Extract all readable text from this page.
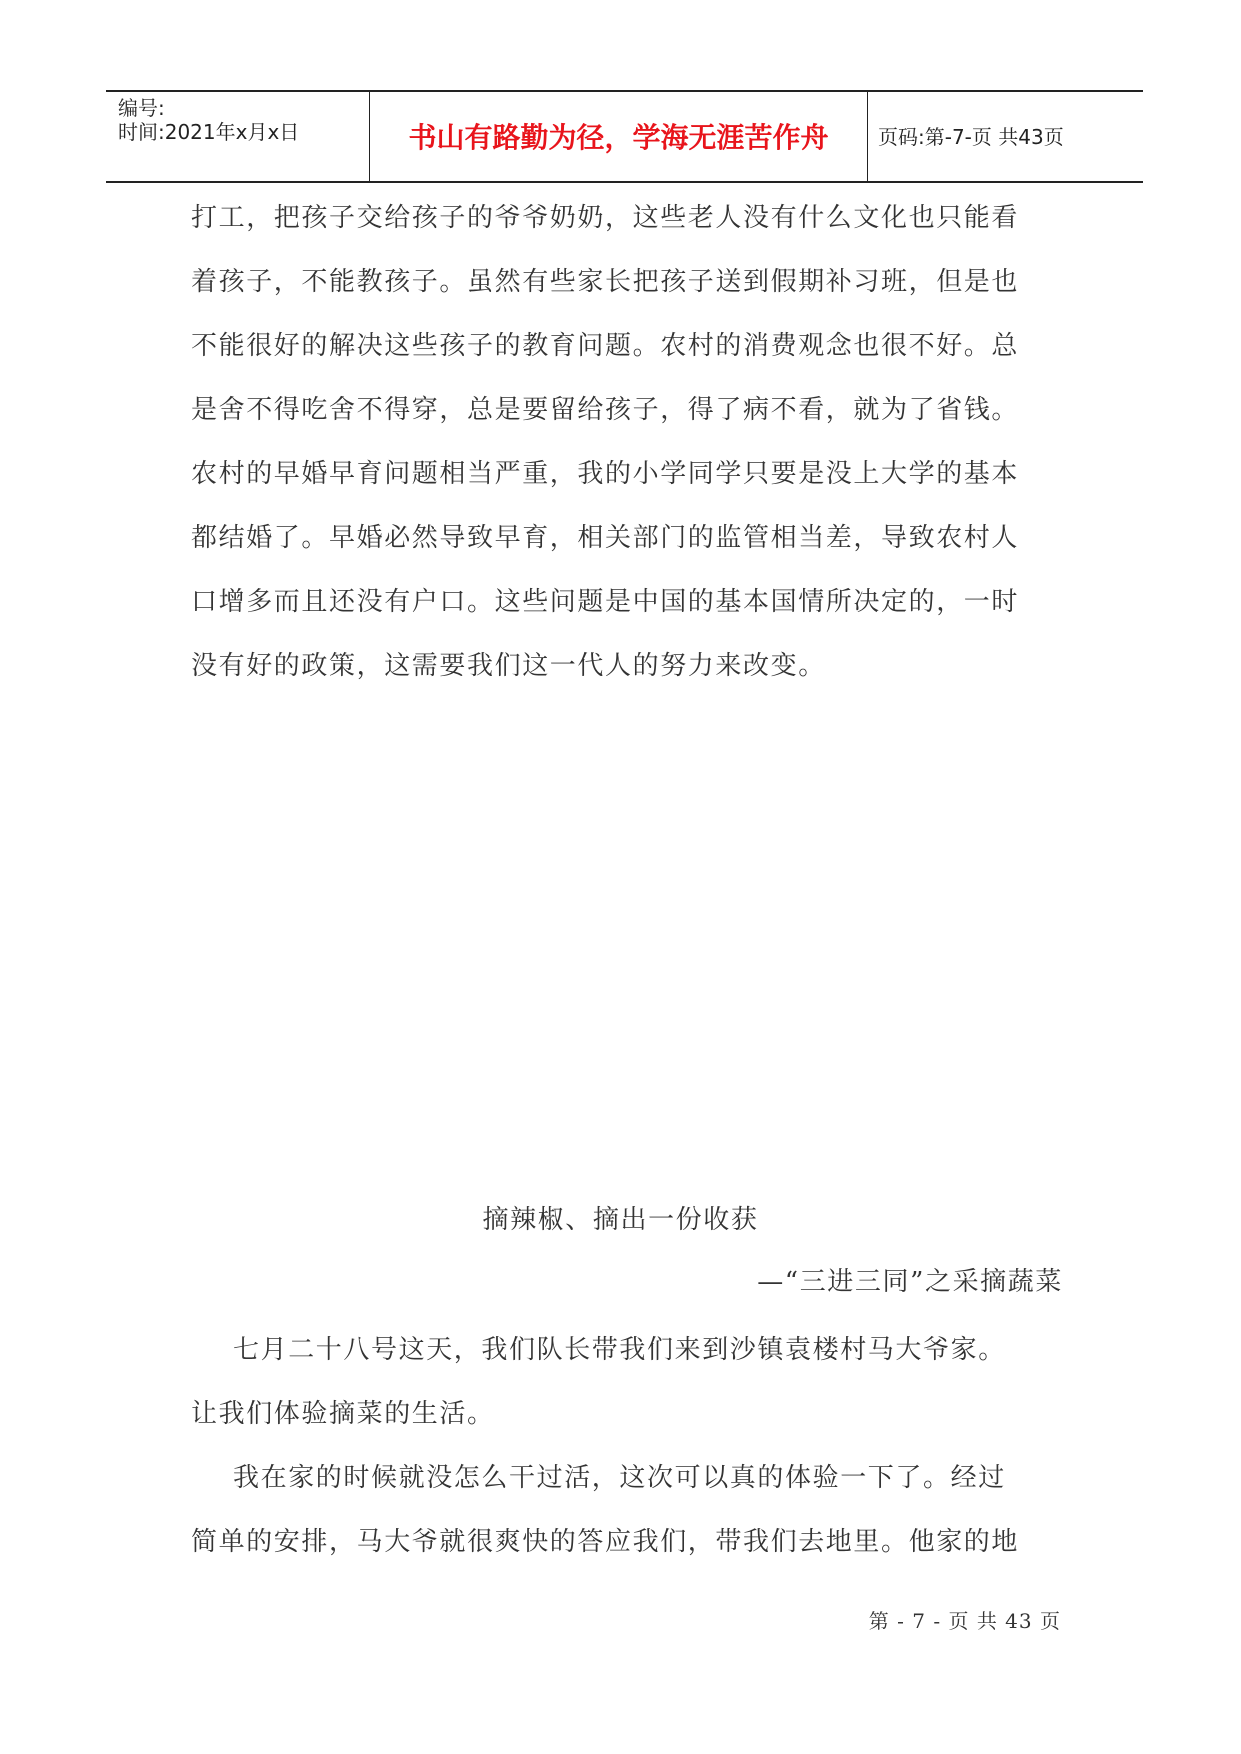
编号:
时间:2021年x月x日	书山有路勤为径，学海无涯苦作舟	页码:第-7-页 共43页

打工，把孩子交给孩子的爷爷奶奶，这些老人没有什么文化也只能看

着孩子，不能教孩子。虽然有些家长把孩子送到假期补习班，但是也

不能很好的解决这些孩子的教育问题。农村的消费观念也很不好。总

是舍不得吃舍不得穿，总是要留给孩子，得了病不看，就为了省钱。

农村的早婚早育问题相当严重，我的小学同学只要是没上大学的基本

都结婚了。早婚必然导致早育，相关部门的监管相当差，导致农村人

口增多而且还没有户口。这些问题是中国的基本国情所决定的，一时

没有好的政策，这需要我们这一代人的努力来改变。

摘辣椒、摘出一份收获
—“三进三同”之采摘蔬菜

七月二十八号这天，我们队长带我们来到沙镇袁楼村马大爷家。

让我们体验摘菜的生活。

我在家的时候就没怎么干过活，这次可以真的体验一下了。经过

简单的安排，马大爷就很爽快的答应我们，带我们去地里。他家的地

第 - 7 - 页 共 43 页
